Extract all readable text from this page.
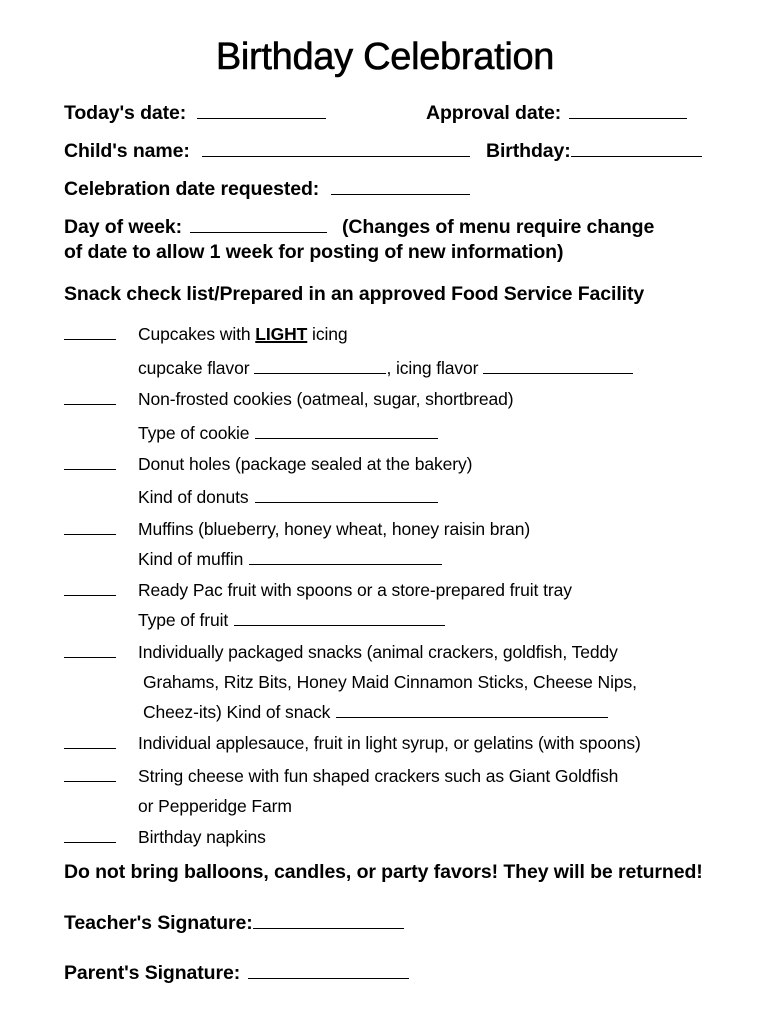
Birthday Celebration
Today's date:	Approval date:
Child's name:	Birthday:
Celebration date requested:
Day of week:	(Changes of menu require change
of date to allow 1 week for posting of new information)
Snack check list/Prepared in an approved Food Service Facility
Cupcakes with LIGHT icing
cupcake flavor	, icing flavor
Non-frosted cookies (oatmeal, sugar, shortbread)
Type of cookie
Donut holes (package sealed at the bakery)
Kind of donuts
Muffins (blueberry, honey wheat, honey raisin bran)
Kind of muffin
Ready Pac fruit with spoons or a store-prepared fruit tray
Type of fruit
Individually packaged snacks (animal crackers, goldfish, Teddy
Grahams, Ritz Bits, Honey Maid Cinnamon Sticks, Cheese Nips,
Cheez-its) Kind of snack
Individual applesauce, fruit in light syrup, or gelatins (with spoons)
String cheese with fun shaped crackers such as Giant Goldfish
or Pepperidge Farm
Birthday napkins
Do not bring balloons, candles, or party favors! They will be returned!
Teacher's Signature:
Parent's Signature:
